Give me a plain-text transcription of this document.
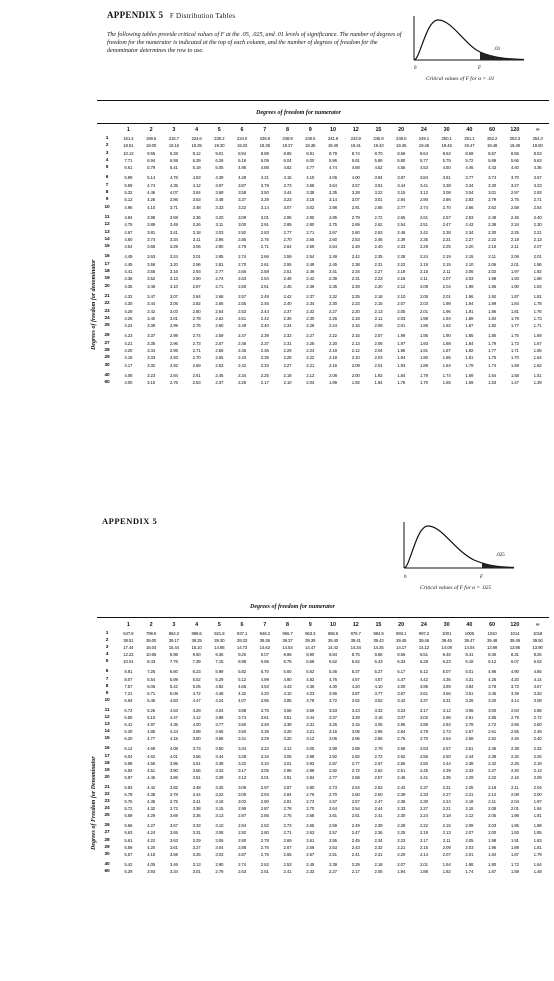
APPENDIX 5 F Distribution Tables
The following tables provide critical values of F at the .05, .025, and .01 levels of significance. The number of degrees of freedom for the numerator is indicated at the top of each column, and the number of degrees of freedom for the denominator determines the row to use.
0	F
.01
Critical values of F for α = .01
Degrees of freedom for numerator
Degrees of freedom for denominator
	1	2	3	4	5	6	7	8	9	10	12	15	20	24	30	40	60	120	∞
1	161.4	199.5	215.7	224.6	230.2	234.0	236.8	238.9	240.5	241.9	243.9	245.9	248.0	249.1	250.1	251.1	252.2	253.3	254.3
2	18.51	19.00	19.16	19.25	19.30	19.33	19.35	19.37	19.38	19.40	19.41	19.43	19.45	19.45	19.46	19.47	19.48	19.49	19.50
3	10.13	9.55	9.28	9.12	9.01	8.94	8.89	8.85	8.81	8.79	8.74	8.70	8.66	8.64	8.62	8.59	8.57	8.55	8.53
4	7.71	6.94	6.59	6.39	6.26	6.16	6.09	6.04	6.00	5.96	5.91	5.86	5.80	5.77	5.75	5.72	5.69	5.66	5.63
5	6.61	5.79	5.41	5.19	5.05	4.95	4.88	4.82	4.77	4.74	4.68	4.62	4.56	4.53	4.50	4.46	4.43	4.40	4.36
6	5.99	5.14	4.76	4.53	4.39	4.28	4.21	4.15	4.10	4.06	4.00	3.94	3.87	3.84	3.81	3.77	3.74	3.70	3.67
7	5.59	4.74	4.35	4.12	3.97	3.87	3.79	3.73	3.68	3.64	3.57	3.51	3.44	3.41	3.38	3.34	3.30	3.27	3.23
8	5.32	4.46	4.07	3.84	3.69	3.58	3.50	3.44	3.39	3.35	3.28	3.22	3.15	3.12	3.08	3.04	3.01	2.97	2.93
9	5.12	4.26	3.86	3.63	3.48	3.37	3.29	3.23	3.18	3.14	3.07	3.01	2.94	2.90	2.86	2.83	2.79	2.75	2.71
10	4.96	4.10	3.71	3.48	3.33	3.22	3.14	3.07	3.02	2.98	2.91	2.85	2.77	2.74	2.70	2.66	2.62	2.58	2.54
11	4.84	3.98	3.59	3.36	3.20	3.09	3.01	2.95	2.90	2.85	2.79	2.72	2.65	2.61	2.57	2.53	2.49	2.45	2.40
12	4.75	3.89	3.49	3.26	3.11	3.00	2.91	2.85	2.80	2.75	2.69	2.62	2.54	2.51	2.47	2.43	2.38	2.34	2.30
13	4.67	3.81	3.41	3.18	3.03	2.92	2.83	2.77	2.71	2.67	2.60	2.53	2.46	2.42	2.38	2.34	2.30	2.25	2.21
14	4.60	3.74	3.34	3.11	2.96	2.85	2.76	2.70	2.65	2.60	2.53	2.46	2.39	2.35	2.31	2.27	2.22	2.18	2.13
15	4.54	3.68	3.29	3.06	2.90	2.79	2.71	2.64	2.59	2.54	2.48	2.40	2.33	2.29	2.25	2.20	2.16	2.11	2.07
16	4.49	3.63	3.24	3.01	2.85	2.74	2.66	2.59	2.54	2.49	2.42	2.35	2.28	2.24	2.19	2.15	2.11	2.06	2.01
17	4.45	3.59	3.20	2.96	2.81	2.70	2.61	2.55	2.49	2.45	2.38	2.31	2.23	2.19	2.15	2.10	2.06	2.01	1.96
18	4.41	3.55	3.16	2.93	2.77	2.66	2.58	2.51	2.46	2.41	2.34	2.27	2.19	2.15	2.11	2.06	2.02	1.97	1.92
19	4.38	3.52	3.13	2.90	2.74	2.63	2.54	2.48	2.42	2.38	2.31	2.23	2.16	2.11	2.07	2.03	1.98	1.93	1.88
20	4.35	3.49	3.10	2.87	2.71	2.60	2.51	2.45	2.39	2.35	2.28	2.20	2.12	2.08	2.04	1.99	1.95	1.90	1.84
21	4.32	3.47	3.07	2.84	2.68	2.57	2.49	2.42	2.37	2.32	2.25	2.18	2.10	2.05	2.01	1.96	1.92	1.87	1.81
22	4.30	3.44	3.05	2.82	2.66	2.55	2.46	2.40	2.34	2.30	2.23	2.15	2.07	2.03	1.98	1.94	1.89	1.84	1.78
23	4.28	3.42	3.03	2.80	2.64	2.53	2.44	2.37	2.32	2.27	2.20	2.13	2.05	2.01	1.96	1.91	1.86	1.81	1.76
24	4.26	3.40	3.01	2.78	2.62	2.51	2.42	2.36	2.30	2.25	2.18	2.11	2.03	1.98	1.94	1.89	1.84	1.79	1.73
25	4.24	3.39	2.99	2.76	2.60	2.49	2.40	2.34	2.28	2.24	2.16	2.09	2.01	1.96	1.92	1.87	1.82	1.77	1.71
26	4.23	3.37	2.98	2.74	2.59	2.47	2.39	2.32	2.27	2.22	2.15	2.07	1.99	1.95	1.90	1.85	1.80	1.75	1.69
27	4.21	3.35	2.96	2.73	2.57	2.46	2.37	2.31	2.25	2.20	2.13	2.06	1.97	1.93	1.88	1.84	1.79	1.73	1.67
28	4.20	3.34	2.95	2.71	2.56	2.45	2.36	2.29	2.24	2.19	2.12	2.04	1.96	1.91	1.87	1.82	1.77	1.71	1.65
29	4.18	3.33	2.93	2.70	2.55	2.43	2.35	2.28	2.22	2.18	2.10	2.03	1.94	1.90	1.85	1.81	1.75	1.70	1.64
30	4.17	3.32	2.92	2.69	2.53	2.42	2.33	2.27	2.21	2.16	2.09	2.01	1.93	1.89	1.84	1.79	1.74	1.68	1.62
40	4.08	3.23	2.84	2.61	2.45	2.34	2.25	2.18	2.12	2.08	2.00	1.92	1.84	1.79	1.74	1.69	1.64	1.58	1.51
60	4.00	3.15	2.76	2.53	2.37	2.25	2.17	2.10	2.04	1.99	1.92	1.84	1.75	1.70	1.65	1.59	1.53	1.47	1.39
APPENDIX 5
0	F
.025
Critical values of F for α = .025
Degrees of freedom for numerator
Degrees of Freedom for Denominator
	1	2	3	4	5	6	7	8	9	10	12	15	20	24	30	40	60	120	∞
1	647.8	799.5	864.2	899.6	921.8	937.1	948.2	956.7	963.3	968.6	976.7	984.9	993.1	997.2	1001	1006	1010	1014	1018
2	38.51	39.00	39.17	39.25	39.30	39.33	39.36	39.37	39.39	39.40	39.41	39.43	39.45	39.46	39.46	39.47	39.48	39.49	39.50
3	17.44	16.04	15.44	15.10	14.88	14.73	14.62	14.54	14.47	14.42	14.34	14.25	14.17	14.12	14.08	14.04	13.99	13.95	13.90
4	12.22	10.65	9.98	9.60	9.36	9.20	9.07	8.98	8.90	8.84	8.75	8.66	8.56	8.51	8.46	8.41	8.36	8.31	8.26
5	10.01	8.43	7.76	7.39	7.15	6.98	6.85	6.76	6.68	6.62	6.52	6.43	6.33	6.28	6.23	6.18	6.12	6.07	6.02
6	8.81	7.26	6.60	6.23	5.99	5.82	5.70	5.60	5.52	5.46	5.37	5.27	5.17	5.12	5.07	5.01	4.96	4.90	4.85
7	8.07	6.54	5.89	5.52	5.29	5.12	4.99	4.90	4.82	4.76	4.67	4.57	4.47	4.42	4.36	4.31	4.25	4.20	4.14
8	7.57	6.06	5.42	5.05	4.82	4.65	4.53	4.43	4.36	4.30	4.20	4.10	4.00	3.95	3.89	3.84	3.78	3.73	3.67
9	7.21	5.71	5.08	4.72	4.48	4.32	4.20	4.10	4.03	3.96	3.87	3.77	3.67	3.61	3.56	3.51	3.45	3.39	3.33
10	6.94	5.46	4.83	4.47	4.24	4.07	3.95	3.85	3.78	3.72	3.62	3.52	3.42	3.37	3.31	3.26	3.20	3.14	3.08
11	6.72	5.26	4.63	4.28	4.04	3.88	3.76	3.66	3.59	3.53	3.43	3.33	3.23	3.17	3.12	3.06	3.00	2.94	2.88
12	6.55	5.10	4.47	4.12	3.89	3.73	3.61	3.51	3.44	3.37	3.28	3.18	3.07	3.02	2.96	2.91	2.85	2.79	2.72
13	6.41	4.97	4.35	4.00	3.77	3.60	3.48	3.39	3.31	3.25	3.15	3.05	2.95	2.89	2.84	2.78	2.72	2.66	2.60
14	6.30	4.86	4.24	3.89	3.66	3.50	3.38	3.29	3.21	3.15	3.05	2.95	2.84	2.79	2.73	2.67	2.61	2.55	2.49
15	6.20	4.77	4.15	3.80	3.58	3.41	3.29	3.20	3.12	3.06	2.96	2.86	2.76	2.70	2.64	2.59	2.52	2.46	2.40
16	6.12	4.69	4.08	3.73	3.50	3.34	3.22	3.12	3.05	2.99	2.89	2.79	2.68	2.63	2.57	2.51	2.45	2.38	2.32
17	6.04	4.62	4.01	3.66	3.44	3.28	3.16	3.06	2.98	2.92	2.82	2.72	2.62	2.56	2.50	2.44	2.38	2.32	2.25
18	5.98	4.56	3.95	3.61	3.38	3.22	3.10	3.01	2.93	2.87	2.77	2.67	2.56	2.50	2.44	2.38	2.32	2.26	2.19
19	5.92	4.51	3.90	3.56	3.33	3.17	3.05	2.96	2.88	2.82	2.72	2.62	2.51	2.45	2.39	2.33	2.27	2.20	2.13
20	5.87	4.46	3.86	3.51	3.29	3.13	3.01	2.91	2.84	2.77	2.68	2.57	2.46	2.41	2.35	2.29	2.22	2.16	2.09
21	5.83	4.42	3.82	3.48	3.25	3.09	2.97	2.87	2.80	2.73	2.64	2.53	2.42	2.37	2.31	2.25	2.18	2.11	2.04
22	5.79	4.38	3.78	3.44	3.22	3.05	2.93	2.84	2.76	2.70	2.60	2.50	2.39	2.33	2.27	2.21	2.14	2.08	2.00
23	5.75	4.35	3.75	3.41	3.18	3.02	2.90	2.81	2.73	2.67	2.57	2.47	2.36	2.30	2.24	2.18	2.11	2.04	1.97
24	5.72	4.32	3.72	3.38	3.15	2.99	2.87	2.78	2.70	2.64	2.54	2.44	2.33	2.27	2.21	2.15	2.08	2.01	1.94
25	5.69	4.29	3.69	3.35	3.13	2.97	2.85	2.75	2.68	2.61	2.51	2.41	2.30	2.24	2.18	2.12	2.05	1.98	1.91
26	5.66	4.27	3.67	3.33	3.10	2.94	2.82	2.73	2.65	2.59	2.49	2.39	2.28	2.22	2.16	2.09	2.03	1.95	1.88
27	5.63	4.24	3.65	3.31	3.08	2.92	2.80	2.71	2.63	2.57	2.47	2.36	2.25	2.19	2.13	2.07	2.00	1.93	1.85
28	5.61	4.22	3.63	3.29	3.06	2.90	2.78	2.69	2.61	2.55	2.45	2.34	2.23	2.17	2.11	2.05	1.98	1.91	1.83
29	5.59	4.20	3.61	3.27	3.04	2.88	2.76	2.67	2.59	2.53	2.43	2.32	2.21	2.15	2.09	2.03	1.96	1.89	1.81
30	5.57	4.18	3.59	3.25	3.03	2.87	2.75	2.65	2.57	2.51	2.41	2.31	2.20	2.14	2.07	2.01	1.94	1.87	1.79
40	5.42	4.05	3.46	3.13	2.90	2.74	2.62	2.53	2.45	2.39	2.29	2.18	2.07	2.01	1.94	1.88	1.80	1.72	1.64
60	5.29	3.93	3.34	3.01	2.79	2.63	2.51	2.41	2.33	2.27	2.17	2.06	1.94	1.88	1.82	1.74	1.67	1.58	1.48
